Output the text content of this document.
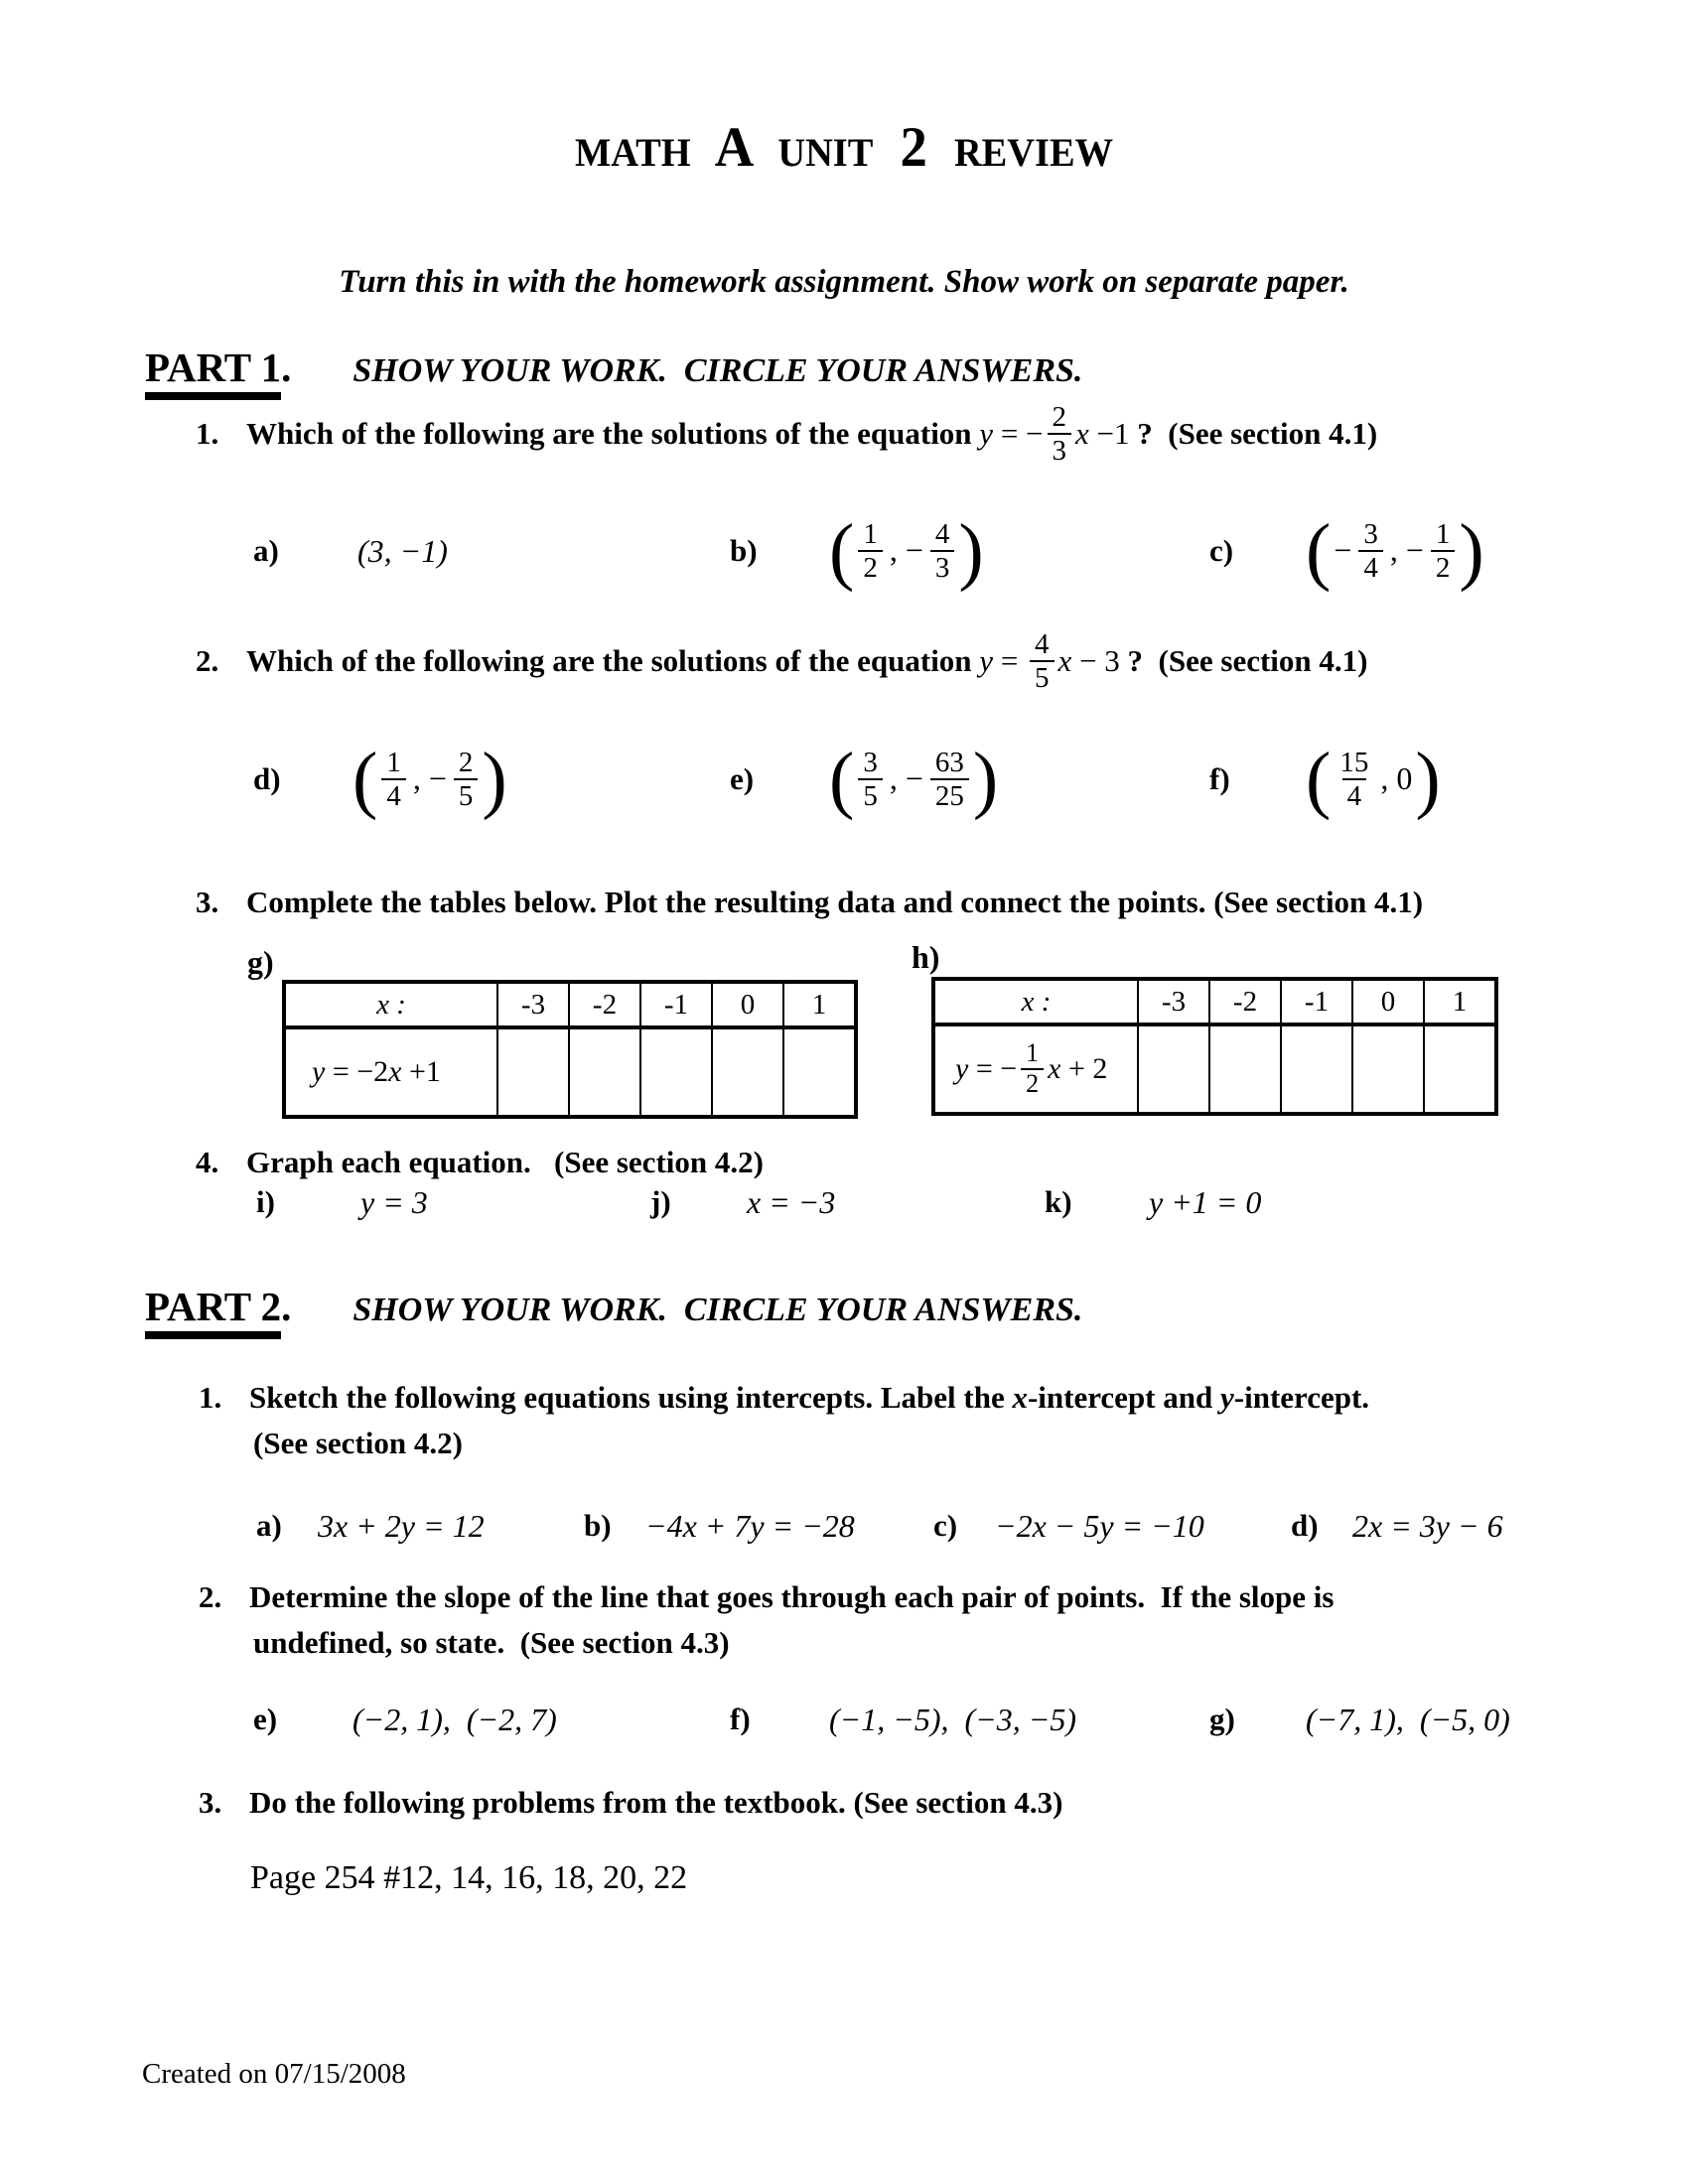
math A unit 2 review
Turn this in with the homework assignment. Show work on separate paper.
PART 1 . SHOW YOUR WORK.  CIRCLE YOUR ANSWERS.
1. Which of the following are the solutions of the equation y = − $\frac{2}{3}$ x −1 ?  (See section 4.1)
a)	(3, −1)	b) ( $\frac{1}{2}$ , − $\frac{4}{3}$ )	c) ( − $\frac{3}{4}$ , − $\frac{1}{2}$ )
2. Which of the following are the solutions of the equation $y = \frac{4}{5}$ x − 3 ?  (See section 4.1)
d) ( $\frac{1}{4}$ , − $\frac{2}{5}$ )	e) ( $\frac{3}{5}$ , − $\frac{63}{25}$ )	f)	( $\frac{15}{4}$ , 0 )
3. Complete the tables below. Plot the resulting data and connect the points. (See section 4.1)
g)
x :	-3	-2	-1	0	1
y = −2x +1					
h)
x :	-3	-2	-1	0	1

y = − $\frac{1}{2}$ x + 2

4. Graph each equation.   (See section 4.2)
i)	y = 3	j)	x = −3	k)	y +1 = 0
PART 2 . SHOW YOUR WORK.  CIRCLE YOUR ANSWERS.
1. Sketch the following equations using intercepts. Label the x -intercept and y -intercept.
(See section 4.2)
a)	3x + 2y = 12	b)	−4x + 7y = −28	c)	−2x − 5y = −10	d)	2x = 3y − 6
2. Determine the slope of the line that goes through each pair of points.  If the slope is
undefined, so state.  (See section 4.3)
e)	(−2, 1),  (−2, 7)	f)	(−1, −5),  (−3, −5)	g)	(−7, 1),  (−5, 0)
3. Do the following problems from the textbook. (See section 4.3)
Page 254 #12, 14, 16, 18, 20, 22
Created on 07/15/2008
